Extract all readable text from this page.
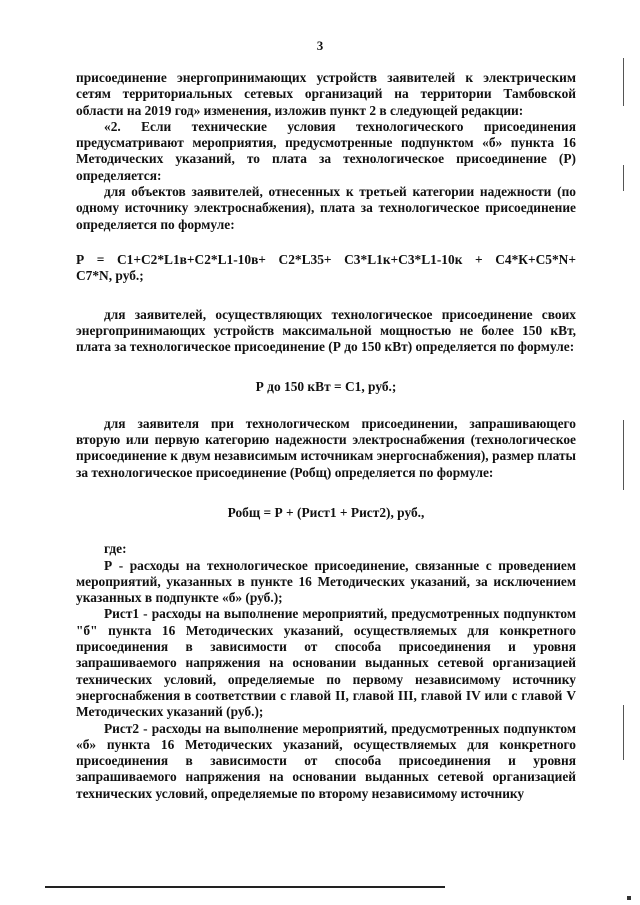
3

присоединение энергопринимающих устройств заявителей к электрическим сетям территориальных сетевых организаций на территории Тамбовской области на 2019 год» изменения, изложив пункт 2 в следующей редакции:

«2. Если технические условия технологического присоединения предусматривают мероприятия, предусмотренные подпунктом «б» пункта 16 Методических указаний, то плата за технологическое присоединение (Р) определяется:

для объектов заявителей, отнесенных к третьей категории надежности (по одному источнику электроснабжения), плата за технологическое присоединение определяется по формуле:

Р = С1+С2*L1в+С2*L1-10в+ С2*L35+ С3*L1к+С3*L1-10к + С4*К+С5*N+
С7*N, руб.;

для заявителей, осуществляющих технологическое присоединение своих энергопринимающих устройств максимальной мощностью не более 150 кВт, плата за технологическое присоединение (Р до 150 кВт) определяется по формуле:

Р до 150 кВт = С1, руб.;

для заявителя при технологическом присоединении, запрашивающего вторую или первую категорию надежности электроснабжения (технологическое присоединение к двум независимым источникам энергоснабжения), размер платы за технологическое присоединение (Робщ) определяется по формуле:

Робщ = Р + (Рист1 + Рист2), руб.,

где:

Р - расходы на технологическое присоединение, связанные с проведением мероприятий, указанных в пункте 16 Методических указаний, за исключением указанных в подпункте «б» (руб.);

Рист1 - расходы на выполнение мероприятий, предусмотренных подпунктом "б" пункта 16 Методических указаний, осуществляемых для конкретного присоединения в зависимости от способа присоединения и уровня запрашиваемого напряжения на основании выданных сетевой организацией технических условий, определяемые по первому независимому источнику энергоснабжения в соответствии с главой II, главой III, главой IV или с главой V Методических указаний (руб.);

Рист2 - расходы на выполнение мероприятий, предусмотренных подпунктом «б» пункта 16 Методических указаний, осуществляемых для конкретного присоединения в зависимости от способа присоединения и уровня запрашиваемого напряжения на основании выданных сетевой организацией технических условий, определяемые по второму независимому источнику
